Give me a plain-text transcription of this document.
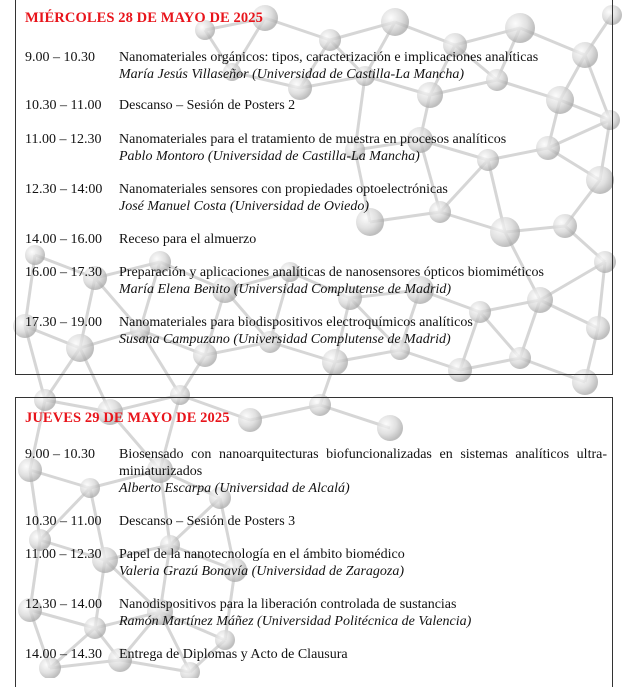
MIÉRCOLES 28 DE MAYO DE 2025
9.00 – 10.30 Nanomateriales orgánicos: tipos, caracterización e implicaciones analíticas
María Jesús Villaseñor (Universidad de Castilla-La Mancha)
10.30 – 11.00 Descanso – Sesión de Posters 2
11.00 – 12.30 Nanomateriales para el tratamiento de muestra en procesos analíticos
Pablo Montoro (Universidad de Castilla-La Mancha)
12.30 – 14:00 Nanomateriales sensores con propiedades optoelectrónicas
José Manuel Costa (Universidad de Oviedo)
14.00 – 16.00 Receso para el almuerzo
16.00 – 17.30 Preparación y aplicaciones analíticas de nanosensores ópticos biomiméticos
María Elena Benito (Universidad Complutense de Madrid)
17.30 – 19.00 Nanomateriales para biodispositivos electroquímicos analíticos
Susana Campuzano (Universidad Complutense de Madrid)
JUEVES 29 DE MAYO DE 2025
9.00 – 10.30 Biosensado con nanoarquitecturas biofuncionalizadas en sistemas analíticos ultra-miniaturizados
Alberto Escarpa (Universidad de Alcalá)
10.30 – 11.00 Descanso – Sesión de Posters 3
11.00 – 12.30 Papel de la nanotecnología en el ámbito biomédico
Valeria Grazú Bonavía (Universidad de Zaragoza)
12.30 – 14.00 Nanodispositivos para la liberación controlada de sustancias
Ramón Martínez Máñez (Universidad Politécnica de Valencia)
14.00 – 14.30 Entrega de Diplomas y Acto de Clausura
